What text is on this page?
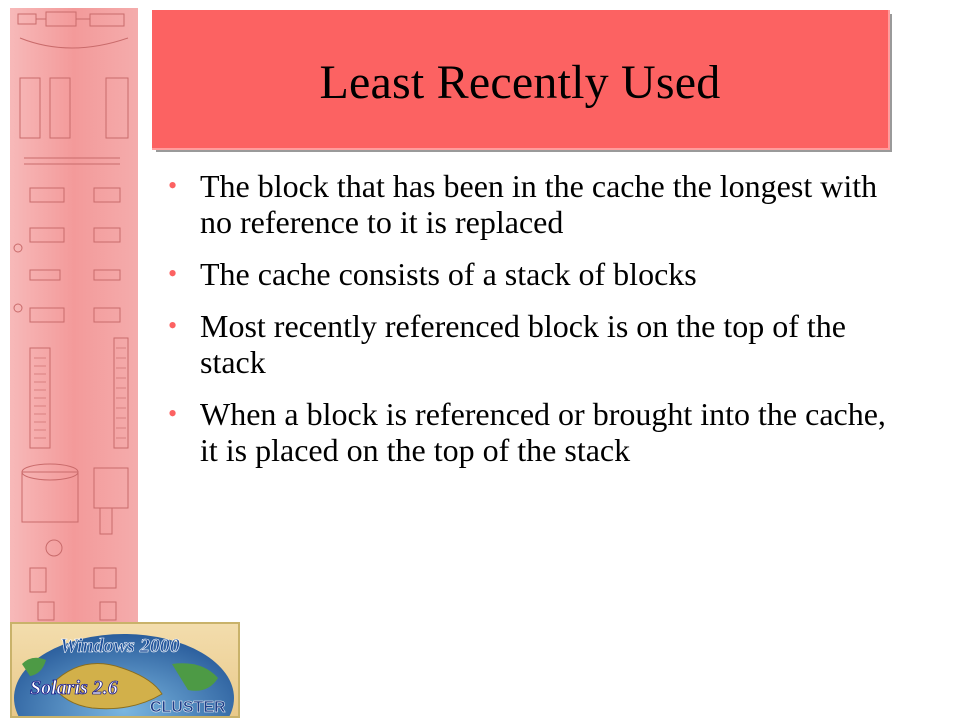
Least Recently Used
• The block that has been in the cache the longest with no reference to it is replaced
• The cache consists of a stack of blocks
• Most recently referenced block is on the top of the stack
• When a block is referenced or brought into the cache, it is placed on the top of the stack
Windows 2000
Solaris 2.6
CLUSTER
